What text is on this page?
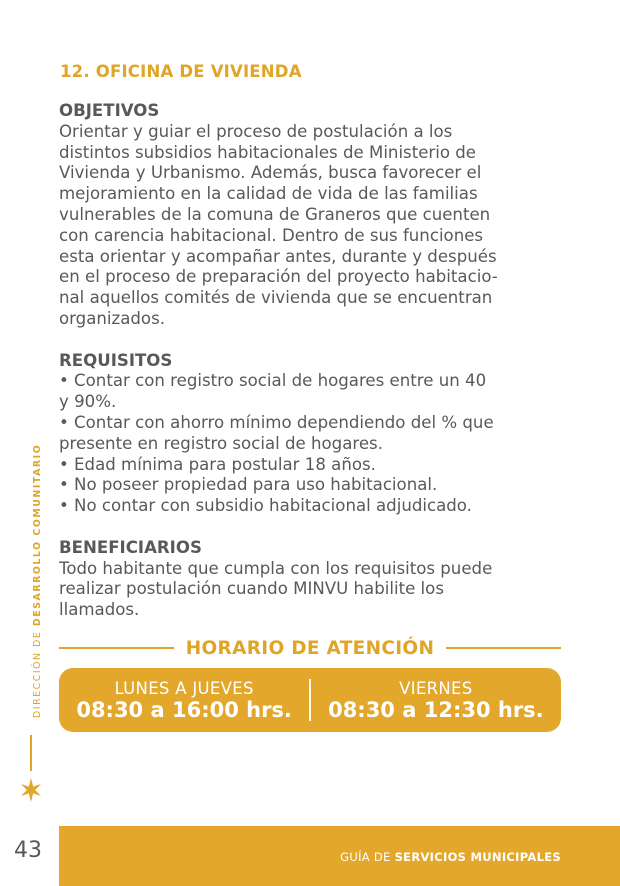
12. OFICINA DE VIVIENDA
OBJETIVOS
Orientar y guiar el proceso de postulación a los
distintos subsidios habitacionales de Ministerio de
Vivienda y Urbanismo. Además, busca favorecer el
mejoramiento en la calidad de vida de las familias
vulnerables de la comuna de Graneros que cuenten
con carencia habitacional. Dentro de sus funciones
esta orientar y acompañar antes, durante y después
en el proceso de preparación del proyecto habitacio-
nal aquellos comités de vivienda que se encuentran
organizados.
REQUISITOS
• Contar con registro social de hogares entre un 40
y 90%.
• Contar con ahorro mínimo dependiendo del % que
presente en registro social de hogares.
• Edad mínima para postular 18 años.
• No poseer propiedad para uso habitacional.
• No contar con subsidio habitacional adjudicado.
BENEFICIARIOS
Todo habitante que cumpla con los requisitos puede
realizar postulación cuando MINVU habilite los
llamados.
HORARIO DE ATENCIÓN
LUNES A JUEVES
08:30 a 16:00 hrs.
VIERNES
08:30 a 12:30 hrs.
DIRECCIÓN DE DESARROLLO COMUNITARIO
43	GUÍA DE SERVICIOS MUNICIPALES
